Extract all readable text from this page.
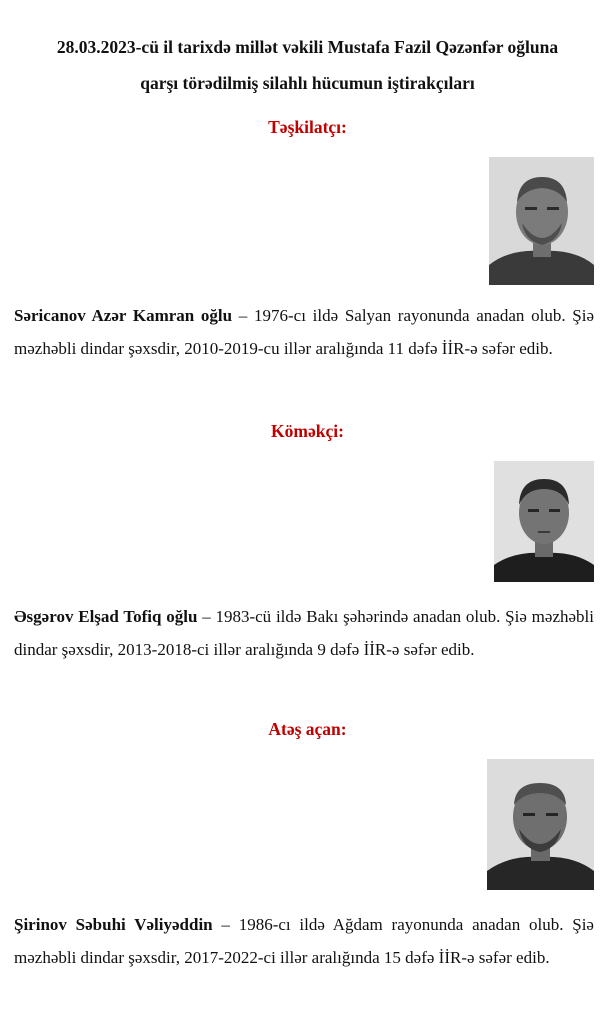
28.03.2023-cü il tarixdə millət vəkili Mustafa Fazil Qəzənfər oğluna
qarşı törədilmiş silahlı hücumun iştirakçıları
Təşkilatçı:

Səricanov Azər Kamran oğlu – 1976-cı ildə Salyan rayonunda anadan olub. Şiə məzhəbli dindar şəxsdir, 2010-2019-cu illər aralığında 11 dəfə İİR-ə səfər edib.

Köməkçi:

Əsgərov Elşad Tofiq oğlu – 1983-cü ildə Bakı şəhərində anadan olub. Şiə məzhəbli dindar şəxsdir, 2013-2018-ci illər aralığında 9 dəfə İİR-ə səfər edib.

Atəş açan:

Şirinov Səbuhi Vəliyəddin – 1986-cı ildə Ağdam rayonunda anadan olub. Şiə məzhəbli dindar şəxsdir, 2017-2022-ci illər aralığında 15 dəfə İİR-ə səfər edib.
